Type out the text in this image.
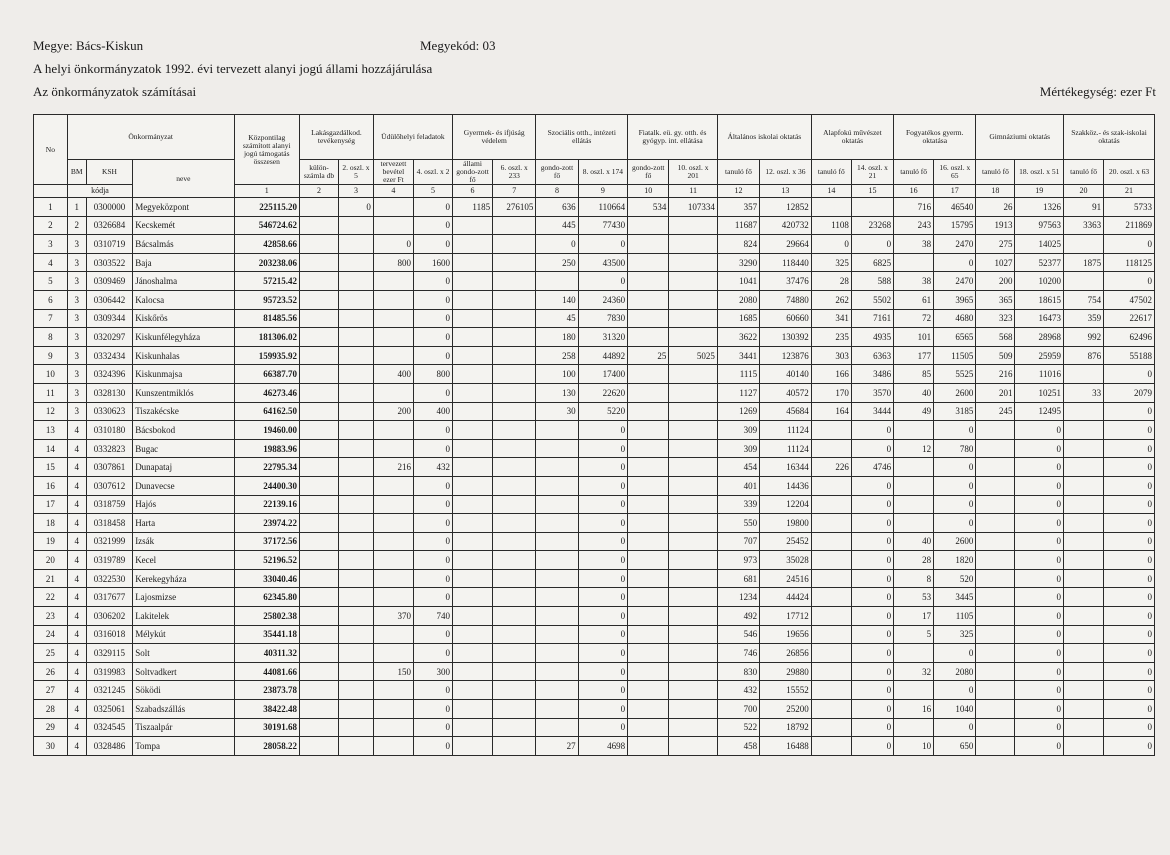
Megye: Bács-Kiskun	Megyekód: 03
A helyi önkormányzatok 1992. évi tervezett alanyi jogú állami hozzájárulása
Az önkormányzatok számításai	Mértékegység: ezer Ft
No	Önkormányzat			Központilag számított alanyi jogú támogatás összesen	Lakásgazdálkod. tevékenység		Üdülőhelyi feladatok		Gyermek- és ifjúság védelem		Szociális otth., intézeti ellátás		Fiatalk. eü. gy. otth. és gyógyp. int. ellátása		Általános iskolai oktatás		Alapfokú művészet oktatás		Fogyatékos gyerm. oktatása		Gimnáziumi oktatás		Szakköz.- és szak-iskolai oktatás	
					külön-számla db	2. oszl. x 5	tervezett bevétel ezer Ft	4. oszl. x 2	állami gondo-zott fő	6. oszl. x 233	gondo-zott fő	8. oszl. x 174	gondo-zott fő	10. oszl. x 201	tanuló fő	12. oszl. x 36	tanuló fő	14. oszl. x 21	tanuló fő	16. oszl. x 65	tanuló fő	18. oszl. x 51	tanuló fő	20. oszl. x 63
	BM	KSH	neve																					
	kódja			1	2	3	4	5	6	7	8	9	10	11	12	13	14	15	16	17	18	19	20	21
1	1	0300000	Megyeközpont	225115.20		0		0	1185	276105	636	110664	534	107334	357	12852			716	46540	26	1326	91	5733
2	2	0326684	Kecskemét	546724.62				0			445	77430			11687	420732	1108	23268	243	15795	1913	97563	3363	211869
3	3	0310719	Bácsalmás	42858.66			0	0			0	0			824	29664	0	0	38	2470	275	14025		0
4	3	0303522	Baja	203238.06			800	1600			250	43500			3290	118440	325	6825		0	1027	52377	1875	118125
5	3	0309469	Jánoshalma	57215.42				0				0			1041	37476	28	588	38	2470	200	10200		0
6	3	0306442	Kalocsa	95723.52				0			140	24360			2080	74880	262	5502	61	3965	365	18615	754	47502
7	3	0309344	Kiskőrös	81485.56				0			45	7830			1685	60660	341	7161	72	4680	323	16473	359	22617
8	3	0320297	Kiskunfélegyháza	181306.02				0			180	31320			3622	130392	235	4935	101	6565	568	28968	992	62496
9	3	0332434	Kiskunhalas	159935.92				0			258	44892	25	5025	3441	123876	303	6363	177	11505	509	25959	876	55188
10	3	0324396	Kiskunmajsa	66387.70			400	800			100	17400			1115	40140	166	3486	85	5525	216	11016		0
11	3	0328130	Kunszentmiklós	46273.46				0			130	22620			1127	40572	170	3570	40	2600	201	10251	33	2079
12	3	0330623	Tiszakécske	64162.50			200	400			30	5220			1269	45684	164	3444	49	3185	245	12495		0
13	4	0310180	Bácsbokod	19460.00				0				0			309	11124		0		0		0		0
14	4	0332823	Bugac	19883.96				0				0			309	11124		0	12	780		0		0
15	4	0307861	Dunapataj	22795.34			216	432				0			454	16344	226	4746		0		0		0
16	4	0307612	Dunavecse	24400.30				0				0			401	14436		0		0		0		0
17	4	0318759	Hajós	22139.16				0				0			339	12204		0		0		0		0
18	4	0318458	Harta	23974.22				0				0			550	19800		0		0		0		0
19	4	0321999	Izsák	37172.56				0				0			707	25452		0	40	2600		0		0
20	4	0319789	Kecel	52196.52				0				0			973	35028		0	28	1820		0		0
21	4	0322530	Kerekegyháza	33040.46				0				0			681	24516		0	8	520		0		0
22	4	0317677	Lajosmizse	62345.80				0				0			1234	44424		0	53	3445		0		0
23	4	0306202	Lakitelek	25802.38			370	740				0			492	17712		0	17	1105		0		0
24	4	0316018	Mélykút	35441.18				0				0			546	19656		0	5	325		0		0
25	4	0329115	Solt	40311.32				0				0			746	26856		0		0		0		0
26	4	0319983	Soltvadkert	44081.66			150	300				0			830	29880		0	32	2080		0		0
27	4	0321245	Söködi	23873.78				0				0			432	15552		0		0		0		0
28	4	0325061	Szabadszállás	38422.48				0				0			700	25200		0	16	1040		0		0
29	4	0324545	Tiszaalpár	30191.68				0				0			522	18792		0		0		0		0
30	4	0328486	Tompa	28058.22				0			27	4698			458	16488		0	10	650		0		0
